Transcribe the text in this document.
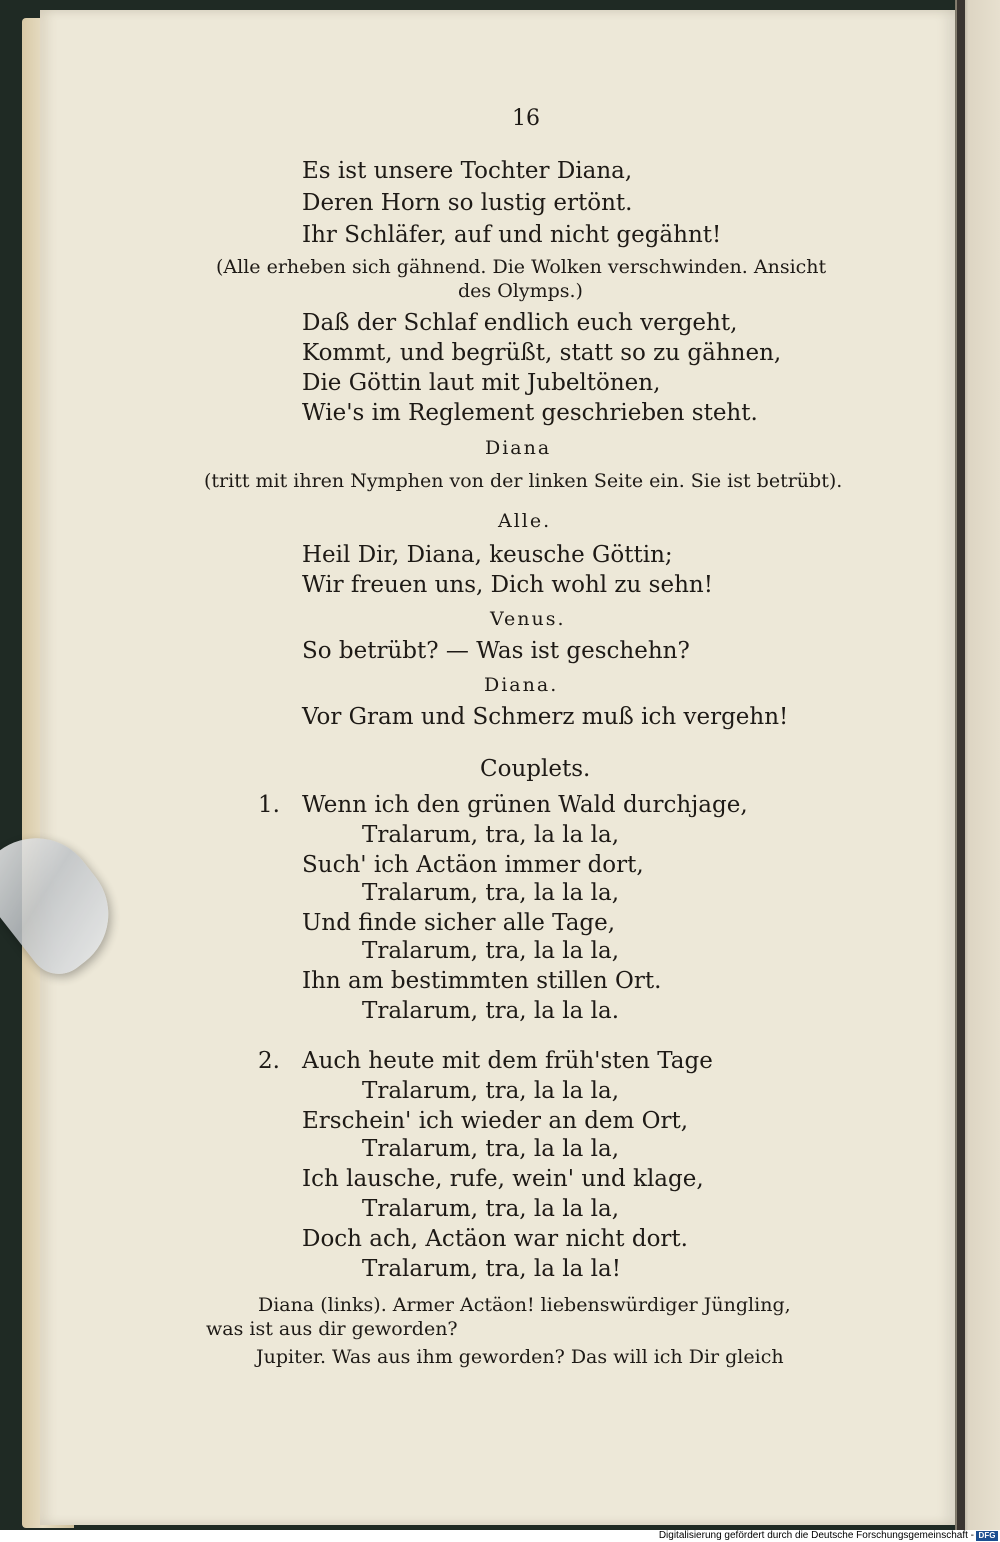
16
Es ist unsere Tochter Diana,
Deren Horn so lustig ertönt.
Ihr Schläfer, auf und nicht gegähnt!
(Alle erheben sich gähnend. Die Wolken verschwinden. Ansicht
des Olymps.)
Daß der Schlaf endlich euch vergeht,
Kommt, und begrüßt, statt so zu gähnen,
Die Göttin laut mit Jubeltönen,
Wie's im Reglement geschrieben steht.
Diana
(tritt mit ihren Nymphen von der linken Seite ein. Sie ist betrübt).
Alle.
Heil Dir, Diana, keusche Göttin;
Wir freuen uns, Dich wohl zu sehn!
Venus.
So betrübt? — Was ist geschehn?
Diana.
Vor Gram und Schmerz muß ich vergehn!
Couplets.
1. Wenn ich den grünen Wald durchjage,
Tralarum, tra, la la la,
Such' ich Actäon immer dort,
Tralarum, tra, la la la,
Und finde sicher alle Tage,
Tralarum, tra, la la la,
Ihn am bestimmten stillen Ort.
Tralarum, tra, la la la.
2. Auch heute mit dem früh'sten Tage
Tralarum, tra, la la la,
Erschein' ich wieder an dem Ort,
Tralarum, tra, la la la,
Ich lausche, rufe, wein' und klage,
Tralarum, tra, la la la,
Doch ach, Actäon war nicht dort.
Tralarum, tra, la la la!
Diana (links). Armer Actäon! liebenswürdiger Jüngling,
was ist aus dir geworden?
Jupiter. Was aus ihm geworden? Das will ich Dir gleich
Digitalisierung gefördert durch die Deutsche Forschungsgemeinschaft - DFG
